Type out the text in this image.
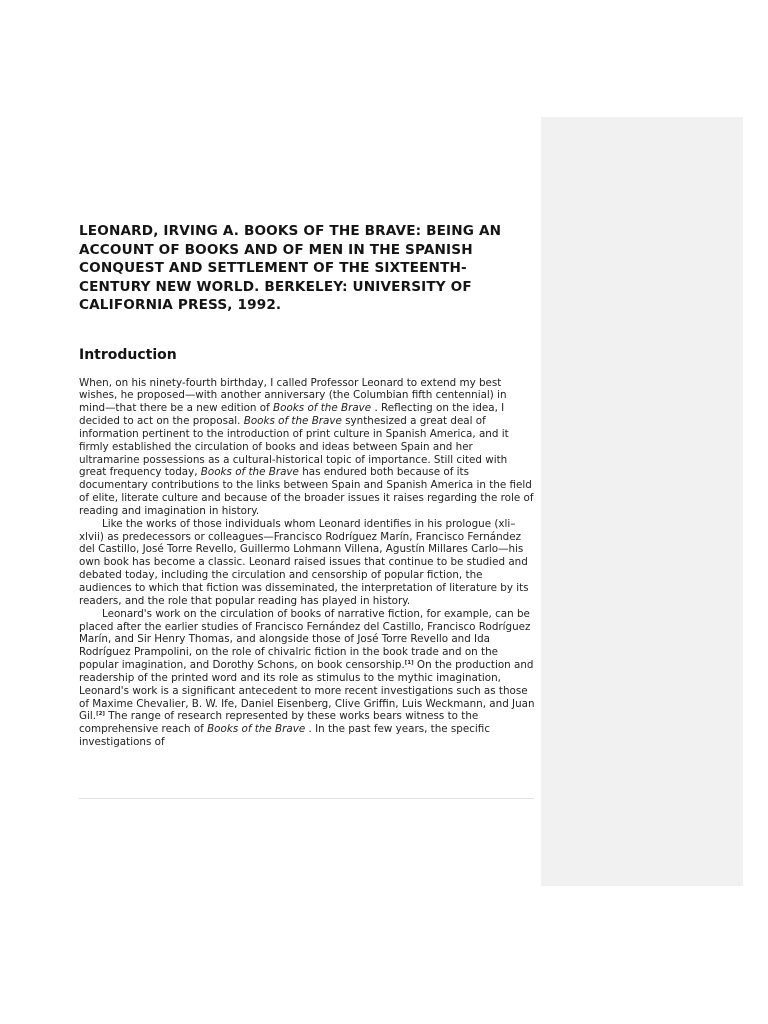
LEONARD, IRVING A. BOOKS OF THE BRAVE: BEING AN ACCOUNT OF BOOKS AND OF MEN IN THE SPANISH CONQUEST AND SETTLEMENT OF THE SIXTEENTH-CENTURY NEW WORLD. BERKELEY: UNIVERSITY OF CALIFORNIA PRESS, 1992.
Introduction

When, on his ninety-fourth birthday, I called Professor Leonard to extend my best wishes, he proposed—with another anniversary (the Columbian fifth centennial) in mind—that there be a new edition of Books of the Brave . Reflecting on the idea, I decided to act on the proposal. Books of the Brave synthesized a great deal of information pertinent to the introduction of print culture in Spanish America, and it firmly established the circulation of books and ideas between Spain and her ultramarine possessions as a cultural-historical topic of importance. Still cited with great frequency today, Books of the Brave has endured both because of its documentary contributions to the links between Spain and Spanish America in the field of elite, literate culture and because of the broader issues it raises regarding the role of reading and imagination in history.

Like the works of those individuals whom Leonard identifies in his prologue (xli–xlvii) as predecessors or colleagues—Francisco Rodríguez Marín, Francisco Fernández del Castillo, José Torre Revello, Guillermo Lohmann Villena, Agustín Millares Carlo—his own book has become a classic. Leonard raised issues that continue to be studied and debated today, including the circulation and censorship of popular fiction, the audiences to which that fiction was disseminated, the interpretation of literature by its readers, and the role that popular reading has played in history.

Leonard's work on the circulation of books of narrative fiction, for example, can be placed after the earlier studies of Francisco Fernández del Castillo, Francisco Rodríguez Marín, and Sir Henry Thomas, and alongside those of José Torre Revello and Ida Rodríguez Prampolini, on the role of chivalric fiction in the book trade and on the popular imagination, and Dorothy Schons, on book censorship.[1] On the production and readership of the printed word and its role as stimulus to the mythic imagination, Leonard's work is a significant antecedent to more recent investigations such as those of Maxime Chevalier, B. W. Ife, Daniel Eisenberg, Clive Griffin, Luis Weckmann, and Juan Gil.[2] The range of research represented by these works bears witness to the comprehensive reach of Books of the Brave . In the past few years, the specific investigations of
